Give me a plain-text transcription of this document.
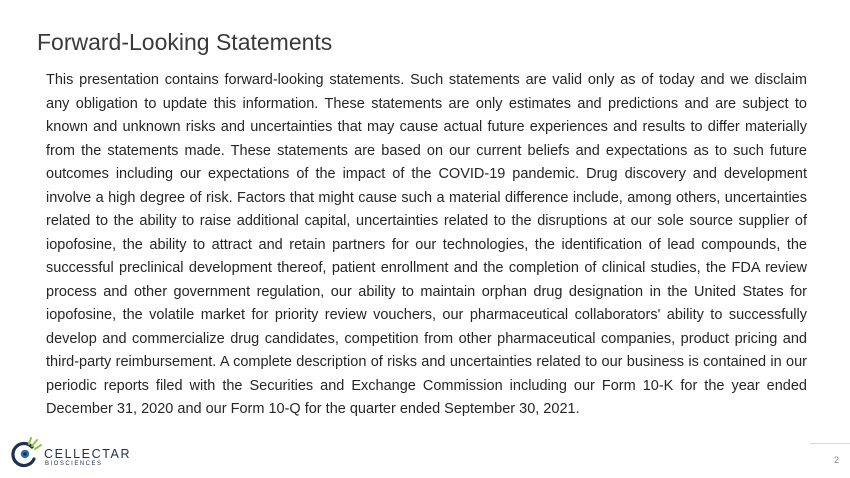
Forward-Looking Statements

This presentation contains forward-looking statements. Such statements are valid only as of today and we disclaim any obligation to update this information. These statements are only estimates and predictions and are subject to known and unknown risks and uncertainties that may cause actual future experiences and results to differ materially from the statements made. These statements are based on our current beliefs and expectations as to such future outcomes including our expectations of the impact of the COVID-19 pandemic. Drug discovery and development involve a high degree of risk. Factors that might cause such a material difference include, among others, uncertainties related to the ability to raise additional capital, uncertainties related to the disruptions at our sole source supplier of iopofosine, the ability to attract and retain partners for our technologies, the identification of lead compounds, the successful preclinical development thereof, patient enrollment and the completion of clinical studies, the FDA review process and other government regulation, our ability to maintain orphan drug designation in the United States for iopofosine, the volatile market for priority review vouchers, our pharmaceutical collaborators' ability to successfully develop and commercialize drug candidates, competition from other pharmaceutical companies, product pricing and third-party reimbursement. A complete description of risks and uncertainties related to our business is contained in our periodic reports filed with the Securities and Exchange Commission including our Form 10-K for the year ended December 31, 2020 and our Form 10-Q for the quarter ended September 30, 2021.

CELLECTAR
BIOSCIENCES	2
